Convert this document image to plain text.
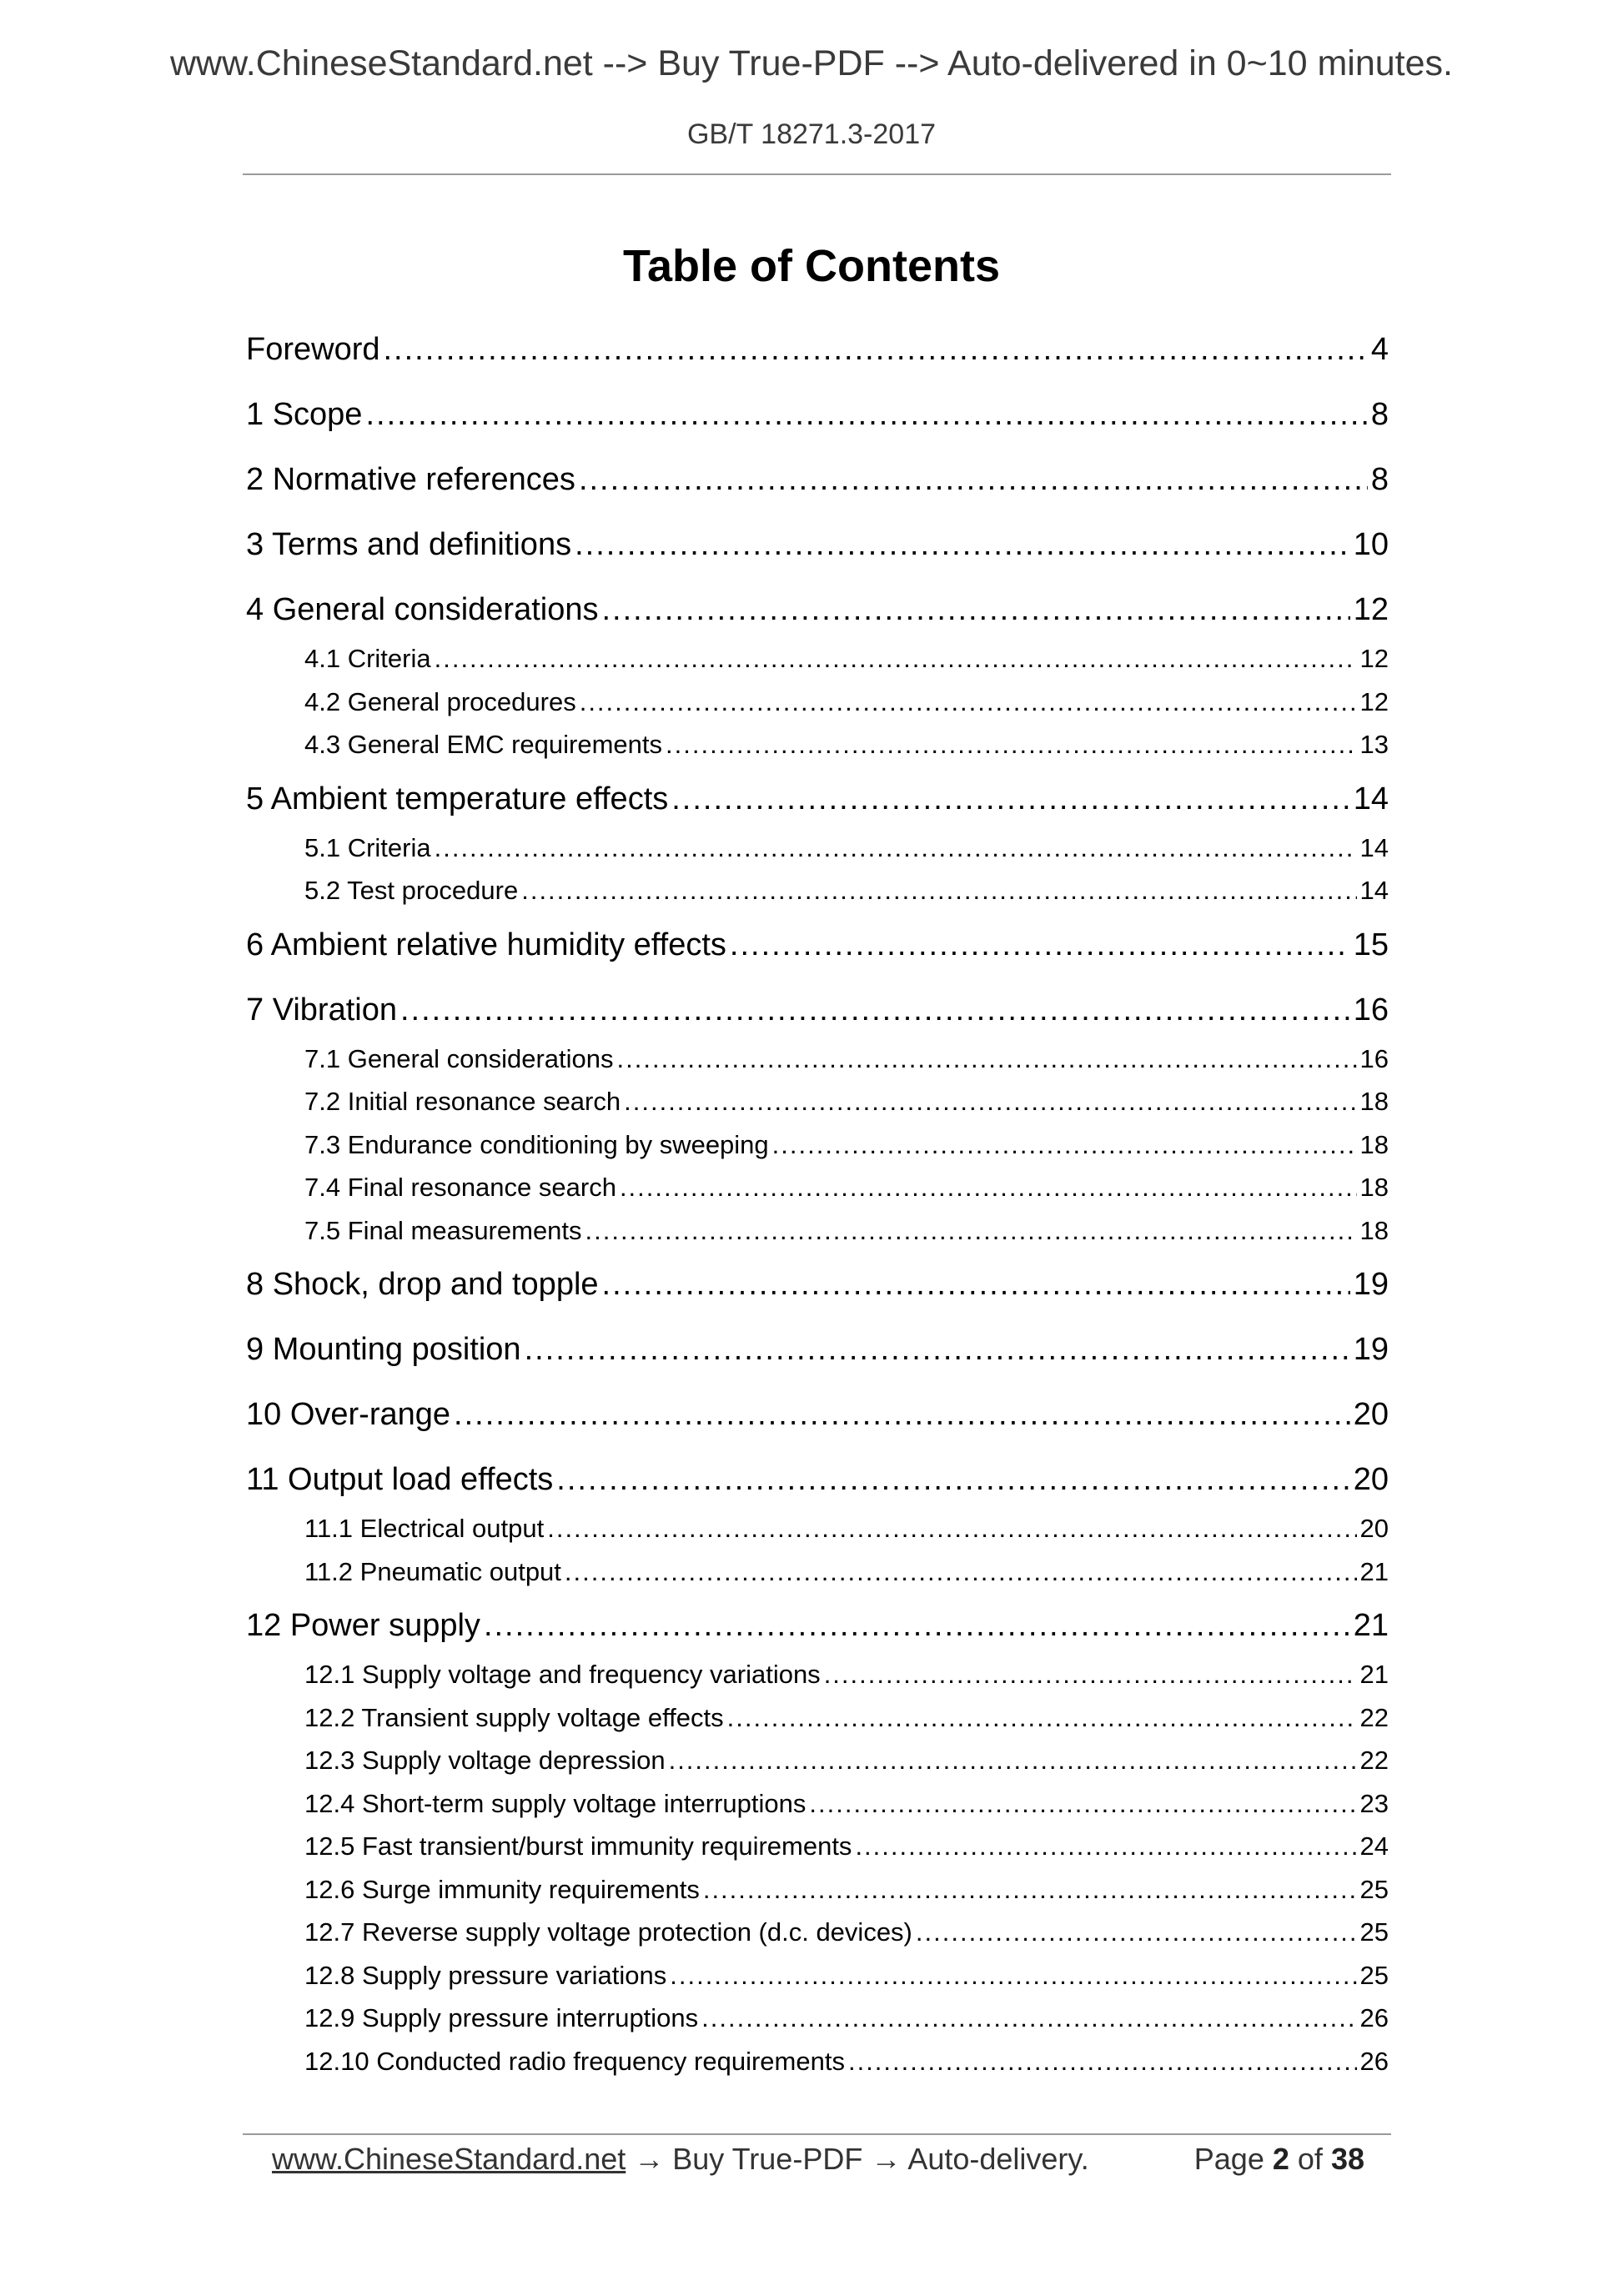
www.ChineseStandard.net --> Buy True-PDF --> Auto-delivered in 0~10 minutes.
GB/T 18271.3-2017
Table of Contents
Foreword .....	4
1 Scope .....	8
2 Normative references .....	8
3 Terms and definitions .....	10
4 General considerations .....	12
4.1 Criteria .....	12
4.2 General procedures .....	12
4.3 General EMC requirements .....	13
5 Ambient temperature effects .....	14
5.1 Criteria .....	14
5.2 Test procedure .....	14
6 Ambient relative humidity effects .....	15
7 Vibration .....	16
7.1 General considerations .....	16
7.2 Initial resonance search .....	18
7.3 Endurance conditioning by sweeping .....	18
7.4 Final resonance search .....	18
7.5 Final measurements .....	18
8 Shock, drop and topple .....	19
9 Mounting position .....	19
10 Over-range .....	20
11 Output load effects .....	20
11.1 Electrical output .....	20
11.2 Pneumatic output .....	21
12 Power supply .....	21
12.1 Supply voltage and frequency variations .....	21
12.2 Transient supply voltage effects .....	22
12.3 Supply voltage depression .....	22
12.4 Short-term supply voltage interruptions .....	23
12.5 Fast transient/burst immunity requirements .....	24
12.6 Surge immunity requirements .....	25
12.7 Reverse supply voltage protection (d.c. devices) .....	25
12.8 Supply pressure variations .....	25
12.9 Supply pressure interruptions .....	26
12.10 Conducted radio frequency requirements .....	26
www.ChineseStandard.net → Buy True-PDF → Auto-delivery.	Page 2 of 38
